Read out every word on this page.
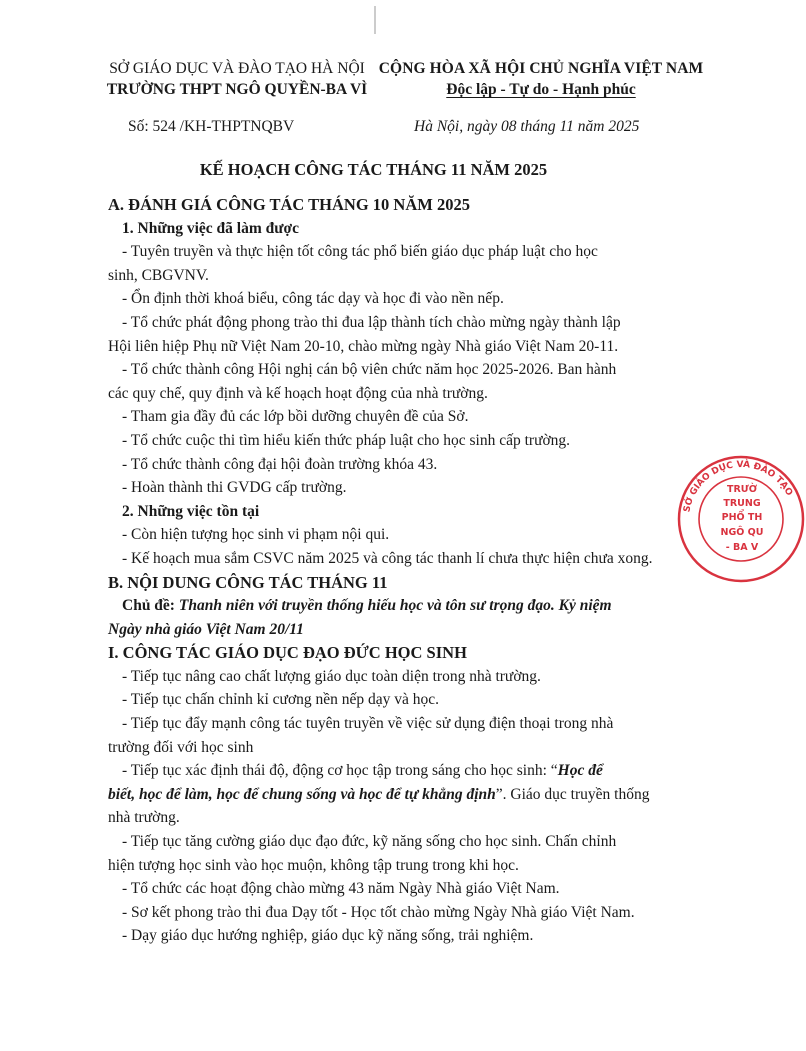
SỞ GIÁO DỤC VÀ ĐÀO TẠO HÀ NỘI
TRƯỜNG THPT NGÔ QUYỀN-BA VÌ
CỘNG HÒA XÃ HỘI CHỦ NGHĨA VIỆT NAM
Độc lập - Tự do - Hạnh phúc
Số: 524 /KH-THPTNQBV	Hà Nội, ngày 08 tháng 11 năm 2025
KẾ HOẠCH CÔNG TÁC THÁNG 11 NĂM 2025
A. ĐÁNH GIÁ CÔNG TÁC THÁNG 10 NĂM 2025
1. Những việc đã làm được
- Tuyên truyền và thực hiện tốt công tác phổ biến giáo dục pháp luật cho học
sinh, CBGVNV.
- Ổn định thời khoá biểu, công tác dạy và học đi vào nền nếp.
- Tổ chức phát động phong trào thi đua lập thành tích chào mừng ngày thành lập
Hội liên hiệp Phụ nữ Việt Nam 20-10, chào mừng ngày Nhà giáo Việt Nam 20-11.
- Tổ chức thành công Hội nghị cán bộ viên chức năm học 2025-2026. Ban hành
các quy chế, quy định và kế hoạch hoạt động của nhà trường.
- Tham gia đầy đủ các lớp bồi dưỡng chuyên đề của Sở.
- Tổ chức cuộc thi tìm hiểu kiến thức pháp luật cho học sinh cấp trường.
- Tổ chức thành công đại hội đoàn trường khóa 43.
- Hoàn thành thi GVDG cấp trường.
2. Những việc tồn tại
- Còn hiện tượng học sinh vi phạm nội qui.
- Kế hoạch mua sắm CSVC năm 2025 và công tác thanh lí chưa thực hiện chưa xong.
B. NỘI DUNG CÔNG TÁC THÁNG 11
Chủ đề: Thanh niên với truyền thống hiếu học và tôn sư trọng đạo. Kỷ niệm
Ngày nhà giáo Việt Nam 20/11
I. CÔNG TÁC GIÁO DỤC ĐẠO ĐỨC HỌC SINH
- Tiếp tục nâng cao chất lượng giáo dục toàn diện trong nhà trường.
- Tiếp tục chấn chỉnh kỉ cương nền nếp dạy và học.
- Tiếp tục đẩy mạnh công tác tuyên truyền về việc sử dụng điện thoại trong nhà
trường đối với học sinh
- Tiếp tục xác định thái độ, động cơ học tập trong sáng cho học sinh: “Học để
biết, học để làm, học để chung sống và học để tự khẳng định”. Giáo dục truyền thống
nhà trường.
- Tiếp tục tăng cường giáo dục đạo đức, kỹ năng sống cho học sinh. Chấn chỉnh
hiện tượng học sinh vào học muộn, không tập trung trong khi học.
- Tổ chức các hoạt động chào mừng 43 năm Ngày Nhà giáo Việt Nam.
- Sơ kết phong trào thi đua Dạy tốt - Học tốt chào mừng Ngày Nhà giáo Việt Nam.
- Dạy giáo dục hướng nghiệp, giáo dục kỹ năng sống, trải nghiệm.
SỞ GIÁO DỤC VÀ ĐÀO TẠO
TRƯỜ
TRUNG
PHỔ TH
NGÔ QU
- BA V
